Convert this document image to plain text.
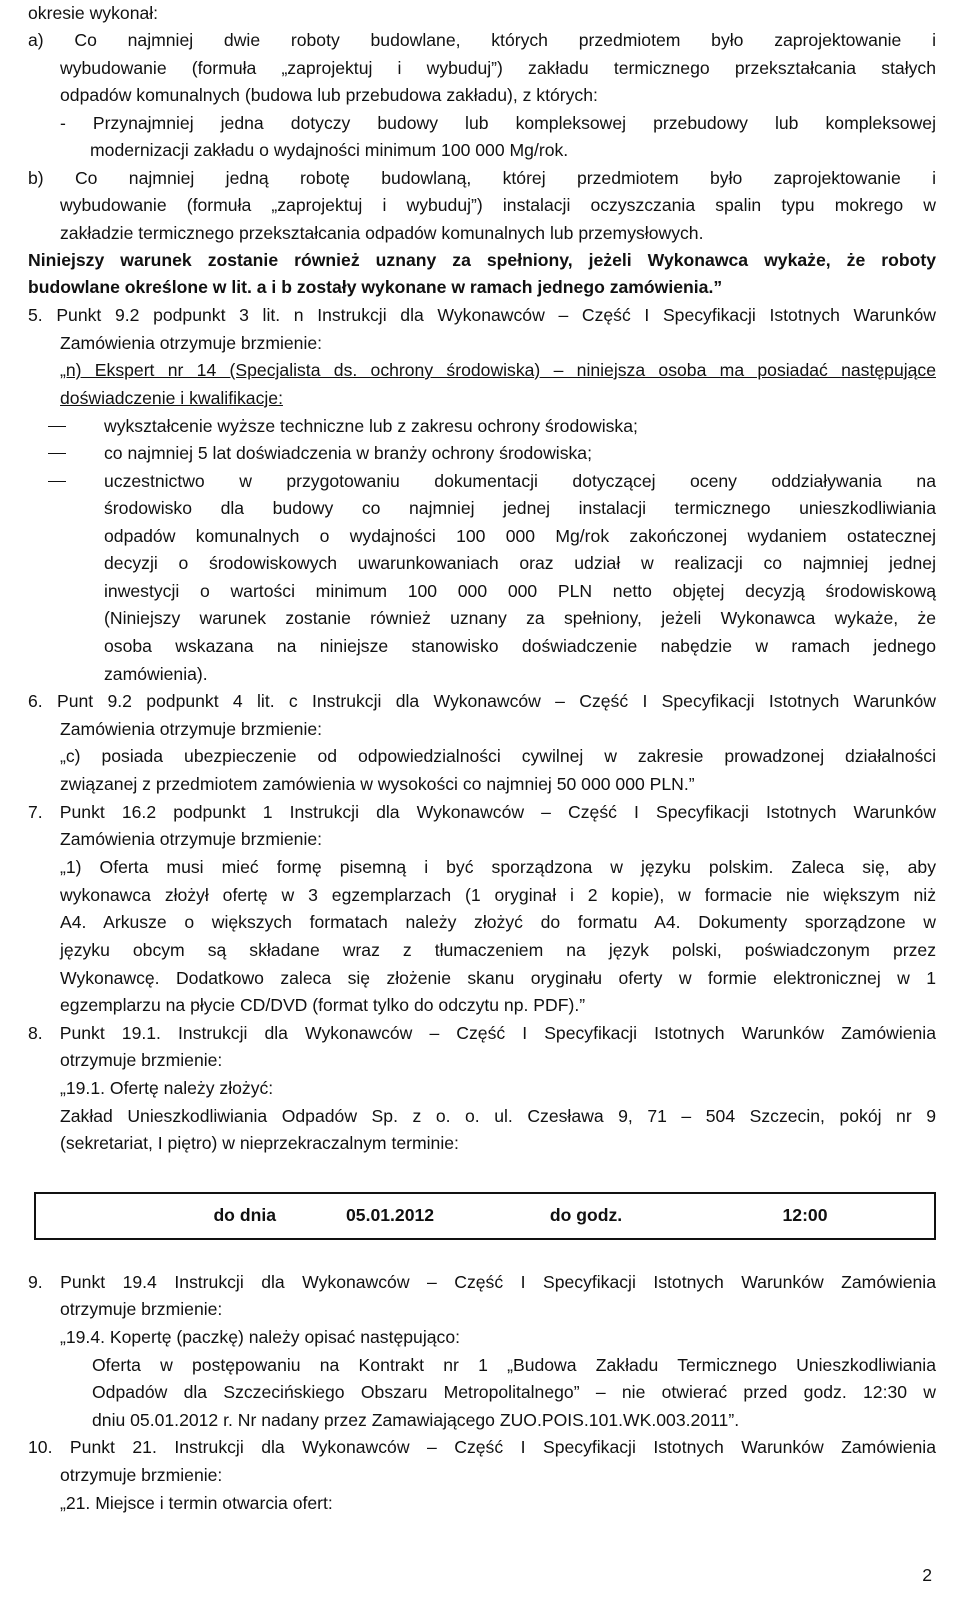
okresie wykonał:
a) Co najmniej dwie roboty budowlane, których przedmiotem było zaprojektowanie i
wybudowanie (formuła „zaprojektuj i wybuduj”) zakładu termicznego przekształcania stałych
odpadów komunalnych (budowa lub przebudowa zakładu), z których:
- Przynajmniej jedna dotyczy budowy lub kompleksowej przebudowy lub kompleksowej
modernizacji zakładu o wydajności minimum 100 000 Mg/rok.
b) Co najmniej jedną robotę budowlaną, której przedmiotem było zaprojektowanie i
wybudowanie (formuła „zaprojektuj i wybuduj”) instalacji oczyszczania spalin typu mokrego w
zakładzie termicznego przekształcania odpadów komunalnych lub przemysłowych.
Niniejszy warunek zostanie również uznany za spełniony, jeżeli Wykonawca wykaże, że roboty
budowlane określone w lit. a i b zostały wykonane w ramach jednego zamówienia.”
5. Punkt 9.2 podpunkt 3 lit. n Instrukcji dla Wykonawców – Część I Specyfikacji Istotnych Warunków
Zamówienia otrzymuje brzmienie:
„n) Ekspert nr 14 (Specjalista ds. ochrony środowiska) – niniejsza osoba ma posiadać następujące
doświadczenie i kwalifikacje:
wykształcenie wyższe techniczne lub z zakresu ochrony środowiska;
co najmniej 5 lat doświadczenia w branży ochrony środowiska;
uczestnictwo w przygotowaniu dokumentacji dotyczącej oceny oddziaływania na
środowisko dla budowy co najmniej jednej instalacji termicznego unieszkodliwiania
odpadów komunalnych o wydajności 100 000 Mg/rok zakończonej wydaniem ostatecznej
decyzji o środowiskowych uwarunkowaniach oraz udział w realizacji co najmniej jednej
inwestycji o wartości minimum 100 000 000 PLN netto objętej decyzją środowiskową
(Niniejszy warunek zostanie również uznany za spełniony, jeżeli Wykonawca wykaże, że
osoba wskazana na niniejsze stanowisko doświadczenie nabędzie w ramach jednego
zamówienia).
6. Punt 9.2 podpunkt 4 lit. c Instrukcji dla Wykonawców – Część I Specyfikacji Istotnych Warunków
Zamówienia otrzymuje brzmienie:
„c) posiada ubezpieczenie od odpowiedzialności cywilnej w zakresie prowadzonej działalności
związanej z przedmiotem zamówienia w wysokości co najmniej 50 000 000 PLN.”
7. Punkt 16.2 podpunkt 1 Instrukcji dla Wykonawców – Część I Specyfikacji Istotnych Warunków
Zamówienia otrzymuje brzmienie:
„1) Oferta musi mieć formę pisemną i być sporządzona w języku polskim. Zaleca się, aby
wykonawca złożył ofertę w 3 egzemplarzach (1 oryginał i 2 kopie), w formacie nie większym niż
A4. Arkusze o większych formatach należy złożyć do formatu A4. Dokumenty sporządzone w
języku obcym są składane wraz z tłumaczeniem na język polski, poświadczonym przez
Wykonawcę. Dodatkowo zaleca się złożenie skanu oryginału oferty w formie elektronicznej w 1
egzemplarzu na płycie CD/DVD (format tylko do odczytu np. PDF).”
8. Punkt 19.1. Instrukcji dla Wykonawców – Część I Specyfikacji Istotnych Warunków Zamówienia
otrzymuje brzmienie:
„19.1. Ofertę należy złożyć:
Zakład Unieszkodliwiania Odpadów Sp. z o. o. ul. Czesława 9, 71 – 504 Szczecin, pokój nr 9
(sekretariat, I piętro) w nieprzekraczalnym terminie:
do dnia	05.01.2012	do godz.	12:00
9. Punkt 19.4 Instrukcji dla Wykonawców – Część I Specyfikacji Istotnych Warunków Zamówienia
otrzymuje brzmienie:
„19.4. Kopertę (paczkę) należy opisać następująco:
Oferta w postępowaniu na Kontrakt nr 1 „Budowa Zakładu Termicznego Unieszkodliwiania
Odpadów dla Szczecińskiego Obszaru Metropolitalnego” – nie otwierać przed godz. 12:30 w
dniu 05.01.2012 r. Nr nadany przez Zamawiającego ZUO.POIS.101.WK.003.2011”.
10. Punkt 21. Instrukcji dla Wykonawców – Część I Specyfikacji Istotnych Warunków Zamówienia
otrzymuje brzmienie:
„21. Miejsce i termin otwarcia ofert:
2
